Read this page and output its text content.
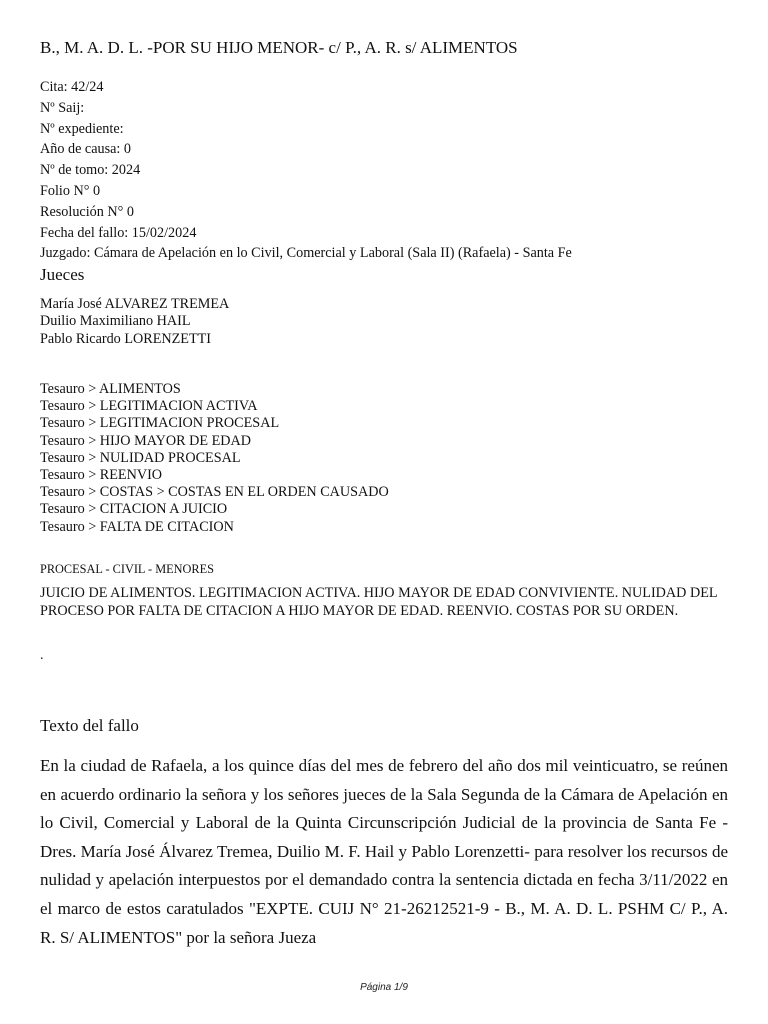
B., M. A. D. L. -POR SU HIJO MENOR- c/ P., A. R. s/ ALIMENTOS
Cita: 42/24
Nº Saij:
Nº expediente:
Año de causa: 0
Nº de tomo: 2024
Folio N° 0
Resolución N° 0
Fecha del fallo: 15/02/2024
Juzgado: Cámara de Apelación en lo Civil, Comercial y Laboral (Sala II) (Rafaela) - Santa Fe
Jueces
María José ALVAREZ TREMEA
Duilio Maximiliano HAIL
Pablo Ricardo LORENZETTI
Tesauro > ALIMENTOS
Tesauro > LEGITIMACION ACTIVA
Tesauro > LEGITIMACION PROCESAL
Tesauro > HIJO MAYOR DE EDAD
Tesauro > NULIDAD PROCESAL
Tesauro > REENVIO
Tesauro > COSTAS > COSTAS EN EL ORDEN CAUSADO
Tesauro > CITACION A JUICIO
Tesauro > FALTA DE CITACION
PROCESAL - CIVIL - MENORES
JUICIO DE ALIMENTOS. LEGITIMACION ACTIVA. HIJO MAYOR DE EDAD CONVIVIENTE. NULIDAD DEL PROCESO POR FALTA DE CITACION A HIJO MAYOR DE EDAD. REENVIO. COSTAS POR SU ORDEN.
.
Texto del fallo
En la ciudad de Rafaela, a los quince días del mes de febrero del año dos mil veinticuatro, se reúnen en acuerdo ordinario la señora y los señores jueces de la Sala Segunda de la Cámara de Apelación en lo Civil, Comercial y Laboral de la Quinta Circunscripción Judicial de la provincia de Santa Fe -Dres. María José Álvarez Tremea, Duilio M. F. Hail y Pablo Lorenzetti- para resolver los recursos de nulidad y apelación interpuestos por el demandado contra la sentencia dictada en fecha 3/11/2022 en el marco de estos caratulados "EXPTE. CUIJ N° 21-26212521-9 - B., M. A. D. L. PSHM C/ P., A. R. S/ ALIMENTOS" por la señora Jueza
Página 1/9
